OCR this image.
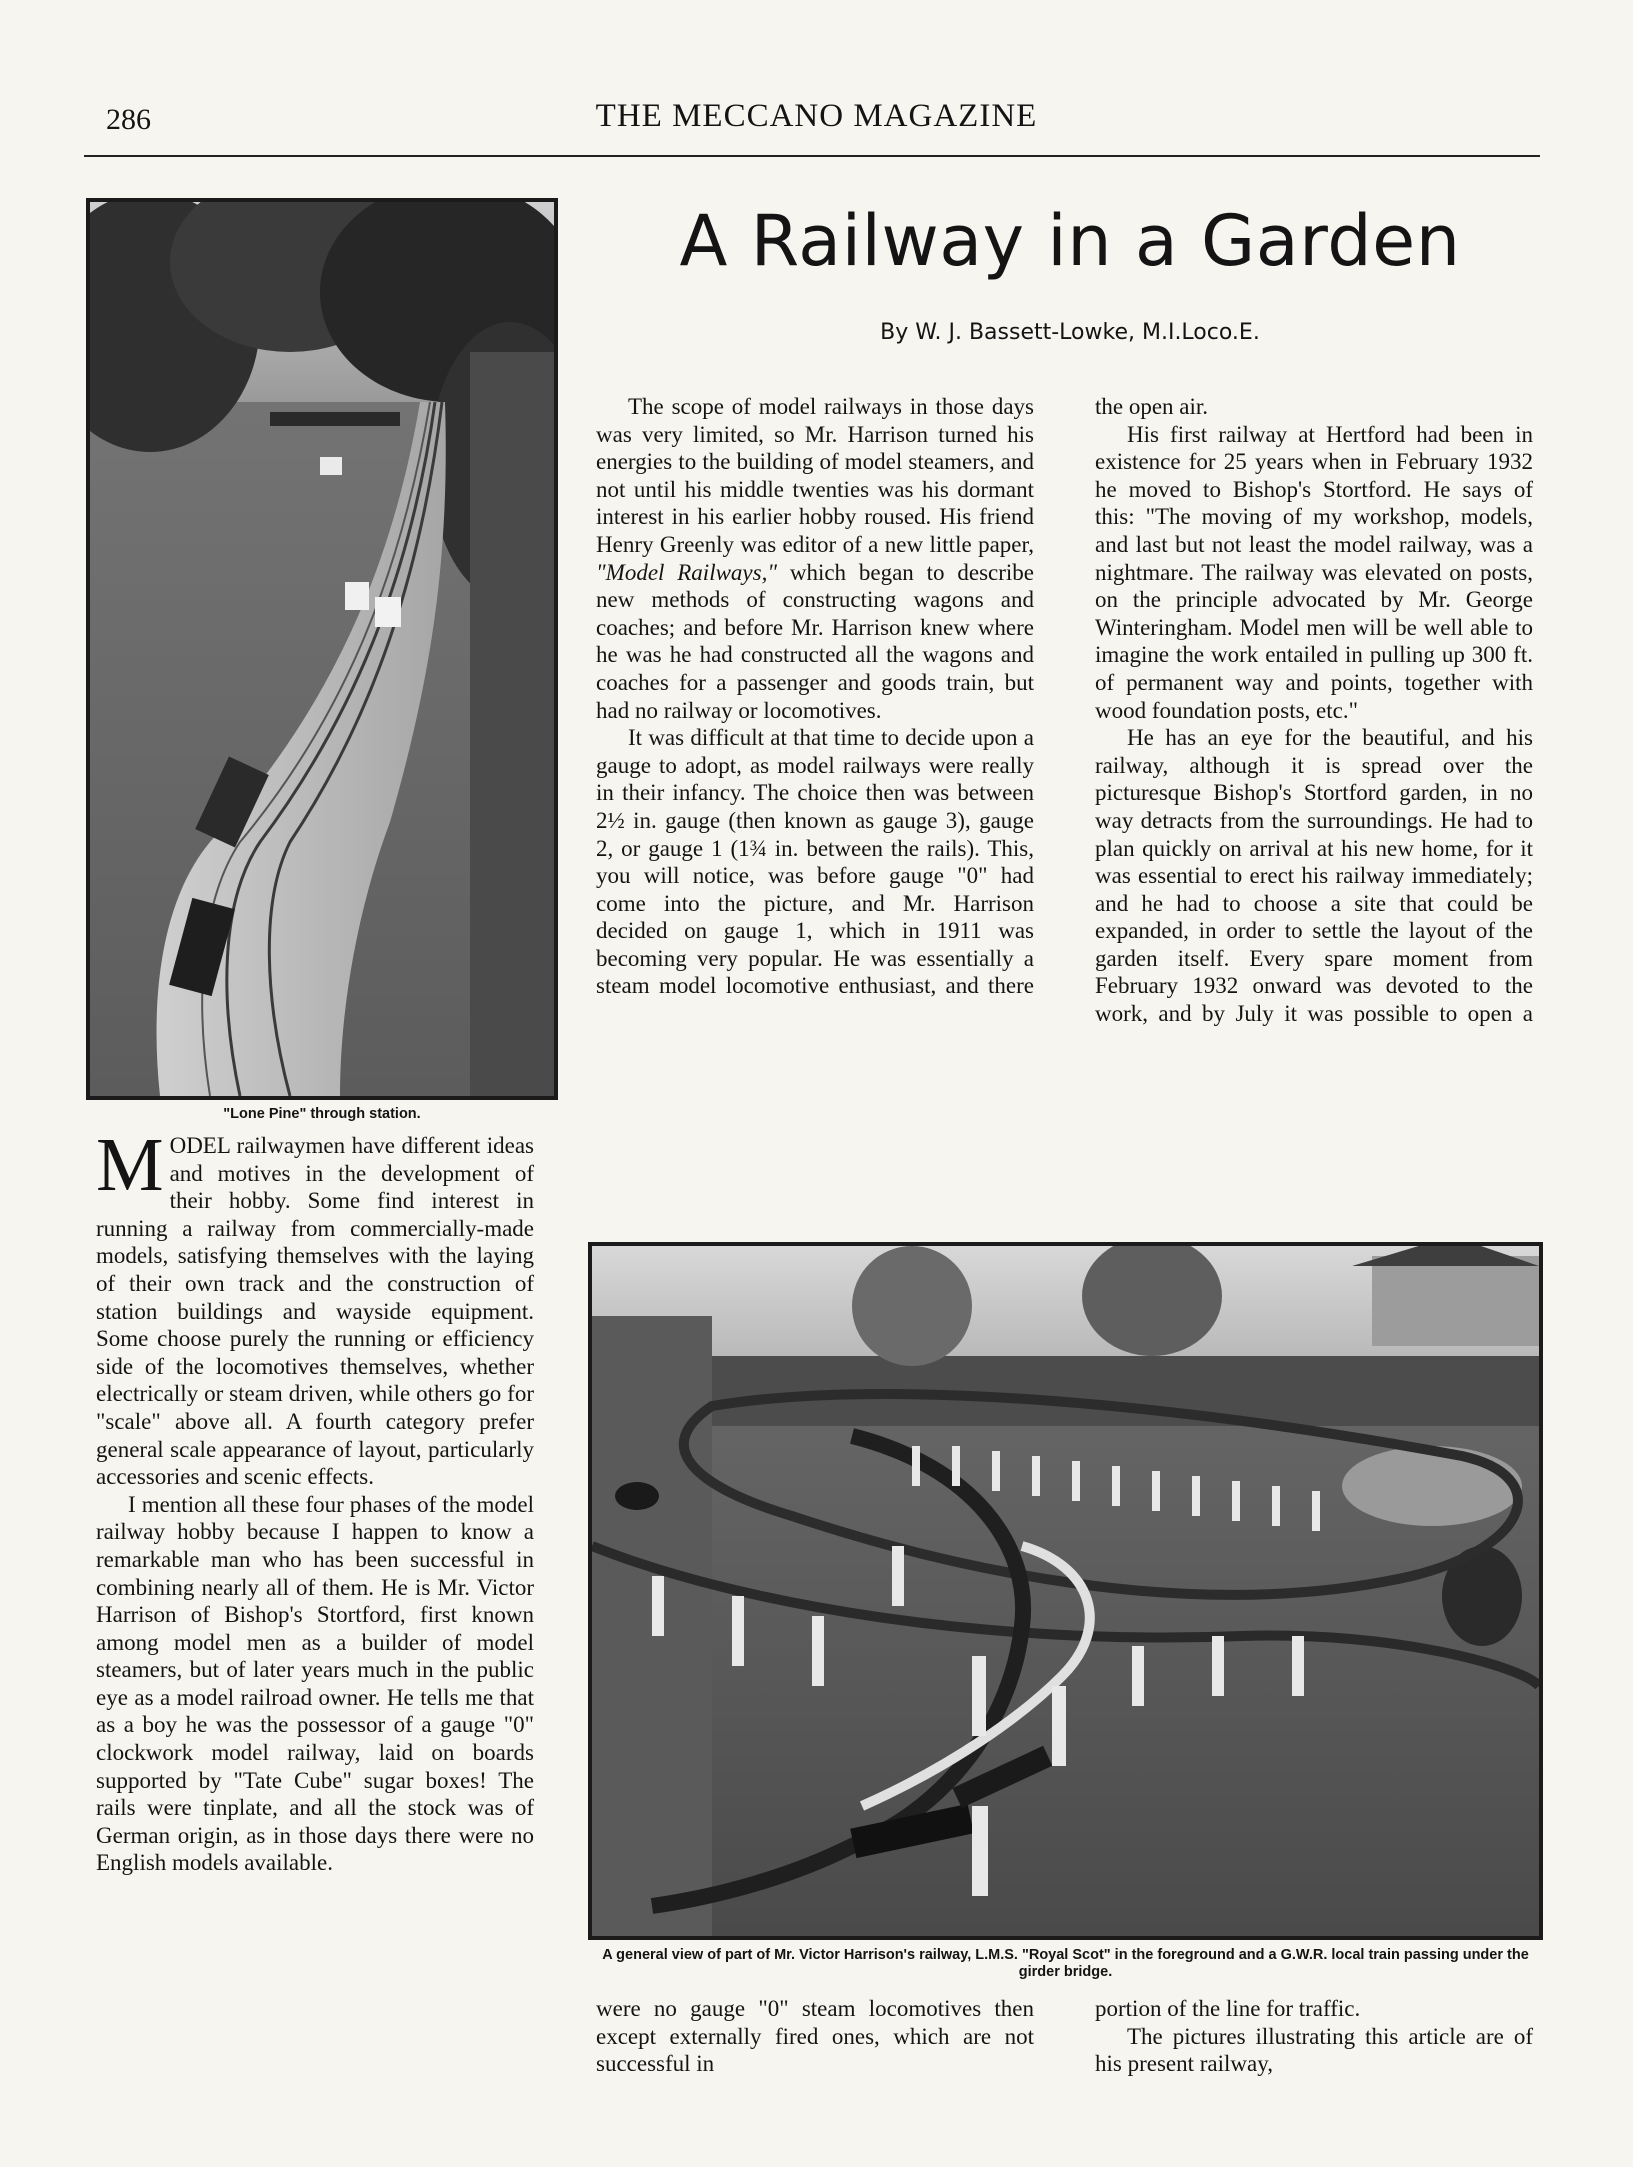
286	THE MECCANO MAGAZINE
"Lone Pine" through station.
A Railway in a Garden
By W. J. Bassett-Lowke, M.I.Loco.E.

MODEL railwaymen have different ideas and motives in the development of their hobby. Some find interest in running a railway from commercially-made models, satisfying themselves with the laying of their own track and the construction of station buildings and wayside equipment. Some choose purely the running or efficiency side of the locomotives themselves, whether electrically or steam driven, while others go for "scale" above all. A fourth category prefer general scale appearance of layout, particularly accessories and scenic effects.

I mention all these four phases of the model railway hobby because I happen to know a remarkable man who has been successful in combining nearly all of them. He is Mr. Victor Harrison of Bishop's Stortford, first known among model men as a builder of model steamers, but of later years much in the public eye as a model railroad owner. He tells me that as a boy he was the possessor of a gauge "0" clockwork model railway, laid on boards supported by "Tate Cube" sugar boxes! The rails were tinplate, and all the stock was of German origin, as in those days there were no English models available.

The scope of model railways in those days was very limited, so Mr. Harrison turned his energies to the building of model steamers, and not until his middle twenties was his dormant interest in his earlier hobby roused. His friend Henry Greenly was editor of a new little paper, "Model Railways," which began to describe new methods of constructing wagons and coaches; and before Mr. Harrison knew where he was he had constructed all the wagons and coaches for a passenger and goods train, but had no railway or locomotives.

It was difficult at that time to decide upon a gauge to adopt, as model railways were really in their infancy. The choice then was between 2½ in. gauge (then known as gauge 3), gauge 2, or gauge 1 (1¾ in. between the rails). This, you will notice, was before gauge "0" had come into the picture, and Mr. Harrison decided on gauge 1, which in 1911 was becoming very popular. He was essentially a steam model locomotive enthusiast, and there

the open air.

His first railway at Hertford had been in existence for 25 years when in February 1932 he moved to Bishop's Stortford. He says of this: "The moving of my workshop, models, and last but not least the model railway, was a nightmare. The railway was elevated on posts, on the principle advocated by Mr. George Winteringham. Model men will be well able to imagine the work entailed in pulling up 300 ft. of permanent way and points, together with wood foundation posts, etc."

He has an eye for the beautiful, and his railway, although it is spread over the picturesque Bishop's Stortford garden, in no way detracts from the surroundings. He had to plan quickly on arrival at his new home, for it was essential to erect his railway immediately; and he had to choose a site that could be expanded, in order to settle the layout of the garden itself. Every spare moment from February 1932 onward was devoted to the work, and by July it was possible to open a

A general view of part of Mr. Victor Harrison's railway, L.M.S. "Royal Scot" in the foreground and a G.W.R. local train passing under the girder bridge.

were no gauge "0" steam locomotives then except externally fired ones, which are not successful in

portion of the line for traffic.

The pictures illustrating this article are of his present railway,
